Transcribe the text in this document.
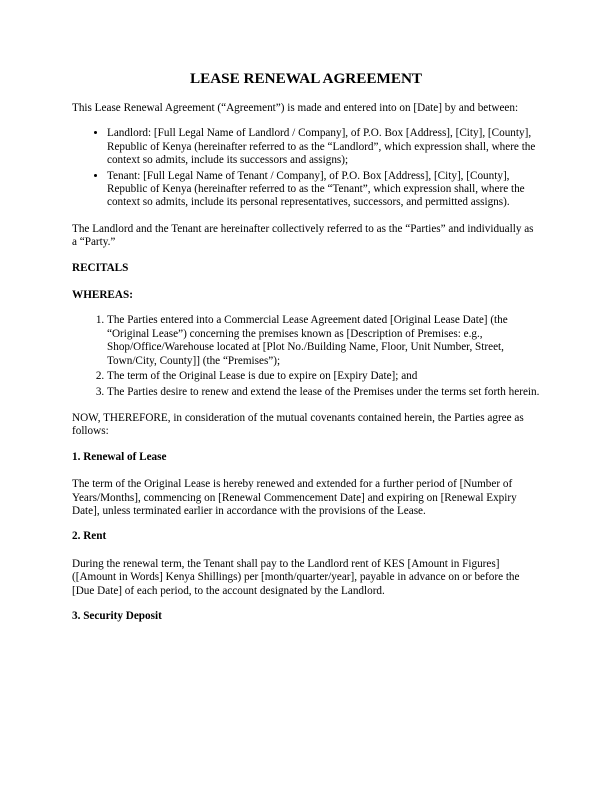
LEASE RENEWAL AGREEMENT

This Lease Renewal Agreement (“Agreement”) is made and entered into on [Date] by and between:

• Landlord: [Full Legal Name of Landlord / Company], of P.O. Box [Address], [City], [County], Republic of Kenya (hereinafter referred to as the “Landlord”, which expression shall, where the context so admits, include its successors and assigns);
• Tenant: [Full Legal Name of Tenant / Company], of P.O. Box [Address], [City], [County], Republic of Kenya (hereinafter referred to as the “Tenant”, which expression shall, where the context so admits, include its personal representatives, successors, and permitted assigns).

The Landlord and the Tenant are hereinafter collectively referred to as the “Parties” and individually as a “Party.”

RECITALS

WHEREAS:

1. The Parties entered into a Commercial Lease Agreement dated [Original Lease Date] (the “Original Lease”) concerning the premises known as [Description of Premises: e.g., Shop/Office/Warehouse located at [Plot No./Building Name, Floor, Unit Number, Street, Town/City, County]] (the “Premises”);
2. The term of the Original Lease is due to expire on [Expiry Date]; and
3. The Parties desire to renew and extend the lease of the Premises under the terms set forth herein.

NOW, THEREFORE, in consideration of the mutual covenants contained herein, the Parties agree as follows:

1. Renewal of Lease

The term of the Original Lease is hereby renewed and extended for a further period of [Number of Years/Months], commencing on [Renewal Commencement Date] and expiring on [Renewal Expiry Date], unless terminated earlier in accordance with the provisions of the Lease.

2. Rent

During the renewal term, the Tenant shall pay to the Landlord rent of KES [Amount in Figures] ([Amount in Words] Kenya Shillings) per [month/quarter/year], payable in advance on or before the [Due Date] of each period, to the account designated by the Landlord.

3. Security Deposit
